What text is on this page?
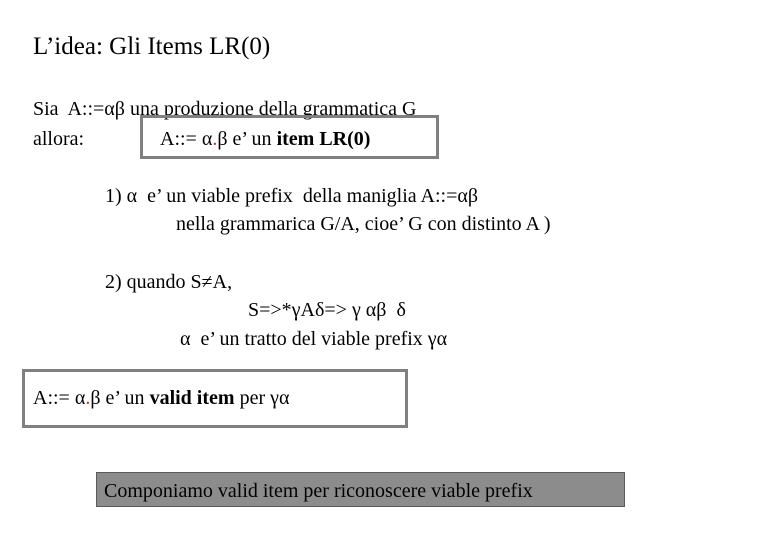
L’idea: Gli Items LR(0)
Sia  A::=αβ una produzione della grammatica G
allora:	A::= α.β e’ un item LR(0)
1) α  e’ un viable prefix  della maniglia A::=αβ
nella grammarica G/A, cioe’ G con distinto A )
2) quando S≠A,
S=>*γAδ=> γ αβ  δ
α  e’ un tratto del viable prefix γα
A::= α.β e’ un valid item per γα
Componiamo valid item per riconoscere viable prefix
